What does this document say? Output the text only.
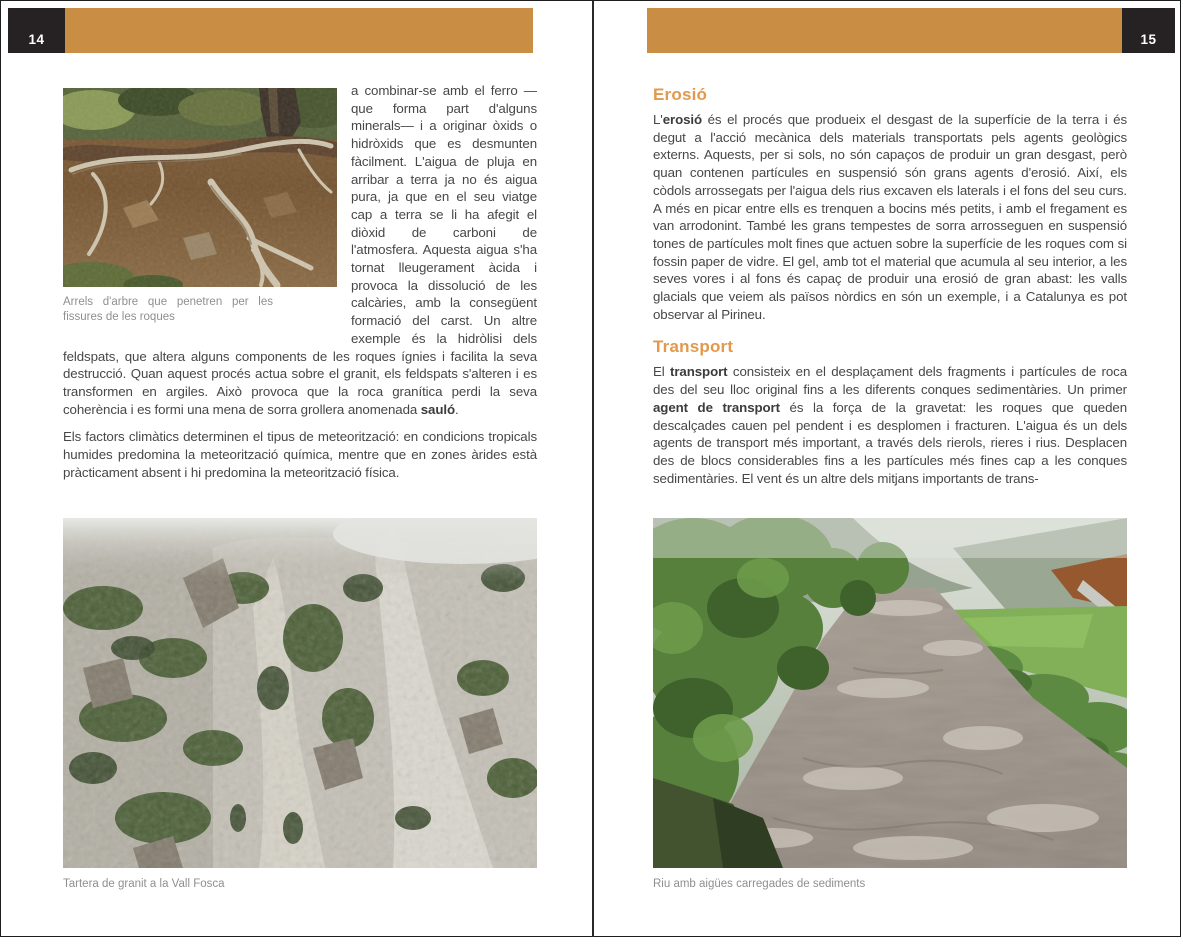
14	15
Arrels d'arbre que penetren per les fissures de les roques

a combinar-se amb el ferro —que forma part d'alguns minerals— i a originar òxids o hidròxids que es desmunten fàcilment. L'aigua de pluja en arribar a terra ja no és aigua pura, ja que en el seu viatge cap a terra se li ha afegit el diòxid de carboni de l'atmosfera. Aquesta aigua s'ha tornat lleugerament àcida i provoca la dissolució de les calcàries, amb la consegüent formació del carst. Un altre exemple és la hidròlisi dels feldspats, que altera alguns components de les roques ígnies i facilita la seva destrucció. Quan aquest procés actua sobre el granit, els feldspats s'alteren i es transformen en argiles. Això provoca que la roca granítica perdi la seva coherència i es formi una mena de sorra grollera anomenada sauló.

Els factors climàtics determinen el tipus de meteorització: en condicions tropicals humides predomina la meteorització química, mentre que en zones àrides està pràcticament absent i hi predomina la meteorització física.

Erosió

L'erosió és el procés que produeix el desgast de la superfície de la terra i és degut a l'acció mecànica dels materials transportats pels agents geològics externs. Aquests, per si sols, no són capaços de produir un gran desgast, però quan contenen partícules en suspensió són grans agents d'erosió. Així, els còdols arrossegats per l'aigua dels rius excaven els laterals i el fons del seu curs. A més en picar entre ells es trenquen a bocins més petits, i amb el fregament es van arrodonint. També les grans tempestes de sorra arrosseguen en suspensió tones de partícules molt fines que actuen sobre la superfície de les roques com si fossin paper de vidre. El gel, amb tot el material que acumula al seu interior, a les seves vores i al fons és capaç de produir una erosió de gran abast: les valls glacials que veiem als països nòrdics en són un exemple, i a Catalunya es pot observar al Pirineu.

Transport

El transport consisteix en el desplaçament dels fragments i partícules de roca des del seu lloc original fins a les diferents conques sedimentàries. Un primer agent de transport és la força de la gravetat: les roques que queden descalçades cauen pel pendent i es desplomen i fracturen. L'aigua és un dels agents de transport més important, a través dels rierols, rieres i rius. Desplacen des de blocs considerables fins a les partícules més fines cap a les conques sedimentàries. El vent és un altre dels mitjans importants de trans-

Tartera de granit a la Vall Fosca	Riu amb aigües carregades de sediments
